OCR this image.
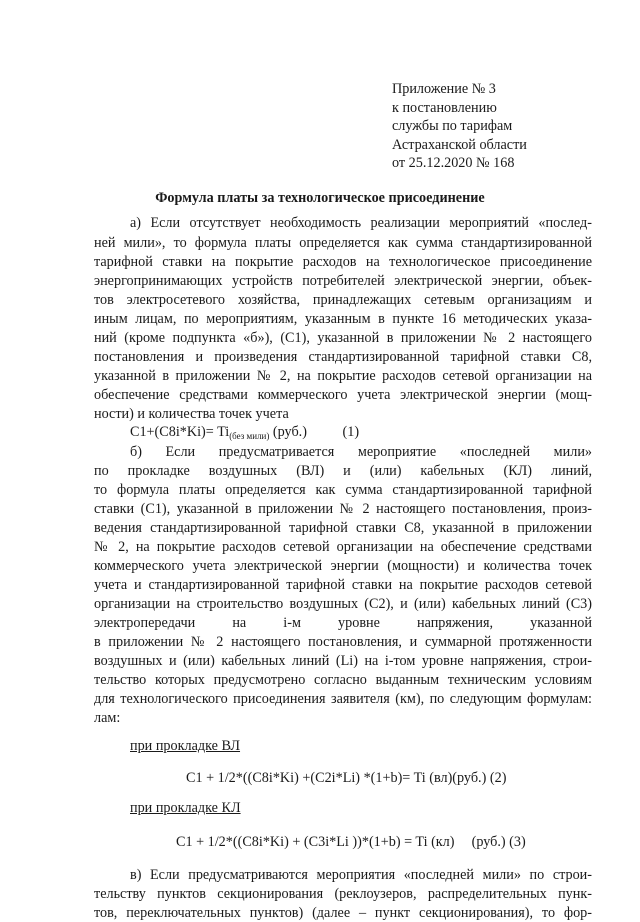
Приложение № 3
к постановлению
службы по тарифам
Астраханской области
от 25.12.2020 № 168
Формула платы за технологическое присоединение
а) Если отсутствует необходимость реализации мероприятий «послед-
ней мили», то формула платы определяется как сумма стандартизированной
тарифной ставки на покрытие расходов на технологическое присоединение
энергопринимающих устройств потребителей электрической энергии, объек-
тов электросетевого хозяйства, принадлежащих сетевым организациям и
иным лицам, по мероприятиям, указанным в пункте 16 методических указа-
ний (кроме подпункта «б»), (C1), указанной в приложении № 2 настоящего
постановления и произведения стандартизированной тарифной ставки С8,
указанной в приложении № 2, на покрытие расходов сетевой организации на
обеспечение средствами коммерческого учета электрической энергии (мощ-
ности) и количества точек учета
$C1+(C8i*Ki)= Ti_{(без мили)}$ (руб.)	(1)
б) Если предусматривается мероприятие «последней мили»
по прокладке воздушных (ВЛ) и (или) кабельных (КЛ) линий,
то формула платы определяется как сумма стандартизированной тарифной
ставки (C1), указанной в приложении № 2 настоящего постановления, произ-
ведения стандартизированной тарифной ставки С8, указанной в приложении
№ 2, на покрытие расходов сетевой организации на обеспечение средствами
коммерческого учета электрической энергии (мощности) и количества точек
учета и стандартизированной тарифной ставки на покрытие расходов сетевой
организации на строительство воздушных (C2), и (или) кабельных линий (C3)
электропередачи на i-м уровне напряжения, указанной
в приложении № 2 настоящего постановления, и суммарной протяженности
воздушных и (или) кабельных линий (Li) на i-том уровне напряжения, строи-
тельство которых предусмотрено согласно выданным техническим условиям
для технологического присоединения заявителя (км), по следующим формулам:
лам:
при прокладке ВЛ
C1 + 1/2*((C8i*Ki) +(C2i*Li) *(1+b)= Ti (вл)(руб.) (2)
при прокладке КЛ
C1 + 1/2*((C8i*Ki) + (C3i*Li ))*(1+b) = Ti (кл) (руб.) (3)
в) Если предусматриваются мероприятия «последней мили» по строи-
тельству пунктов секционирования (реклоузеров, распределительных пунк-
тов, переключательных пунктов) (далее – пункт секционирования), то фор-
